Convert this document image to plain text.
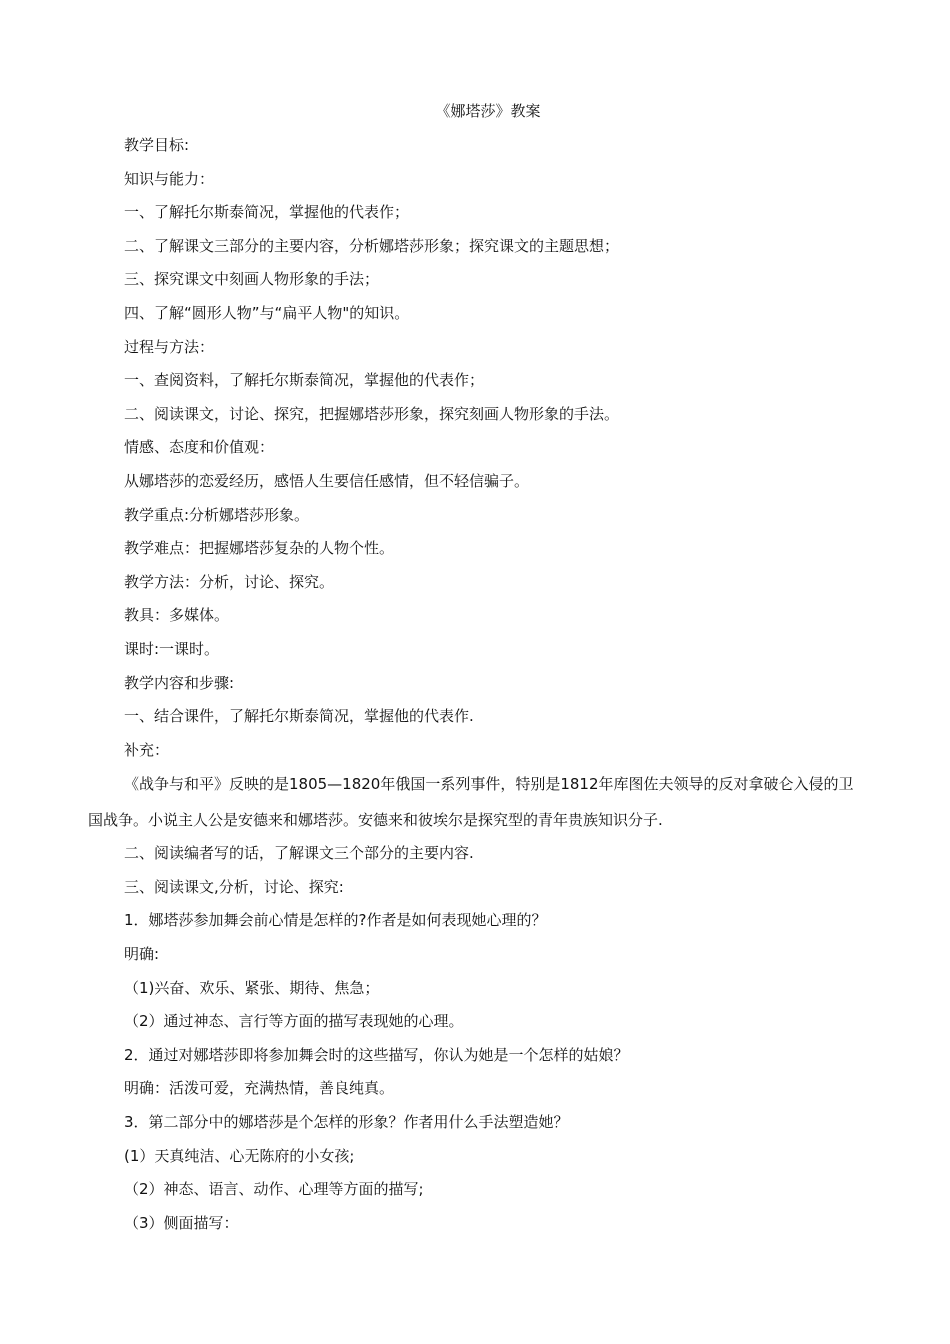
《娜塔莎》教案
教学目标:
知识与能力：
一、了解托尔斯泰简况，掌握他的代表作；
二、了解课文三部分的主要内容，分析娜塔莎形象；探究课文的主题思想；
三、探究课文中刻画人物形象的手法；
四、了解“圆形人物”与“扁平人物"的知识。
过程与方法：
一、查阅资料，了解托尔斯泰简况，掌握他的代表作；
二、阅读课文，讨论、探究，把握娜塔莎形象，探究刻画人物形象的手法。
情感、态度和价值观：
从娜塔莎的恋爱经历，感悟人生要信任感情，但不轻信骗子。
教学重点:分析娜塔莎形象。
教学难点：把握娜塔莎复杂的人物个性。
教学方法：分析，讨论、探究。
教具：多媒体。
课时:一课时。
教学内容和步骤:
一、结合课件，了解托尔斯泰简况，掌握他的代表作.
补充：
《战争与和平》反映的是1805—1820年俄国一系列事件，特别是1812年库图佐夫领导的反对拿破仑入侵的卫国战争。小说主人公是安德来和娜塔莎。安德来和彼埃尔是探究型的青年贵族知识分子.
二、阅读编者写的话，了解课文三个部分的主要内容.
三、阅读课文,分析，讨论、探究:
1．娜塔莎参加舞会前心情是怎样的?作者是如何表现她心理的？
明确:
（1)兴奋、欢乐、紧张、期待、焦急；
（2）通过神态、言行等方面的描写表现她的心理。
2．通过对娜塔莎即将参加舞会时的这些描写，你认为她是一个怎样的姑娘？
明确：活泼可爱，充满热情，善良纯真。
3．第二部分中的娜塔莎是个怎样的形象？作者用什么手法塑造她？
(1）天真纯洁、心无陈府的小女孩;
（2）神态、语言、动作、心理等方面的描写;
（3）侧面描写：
